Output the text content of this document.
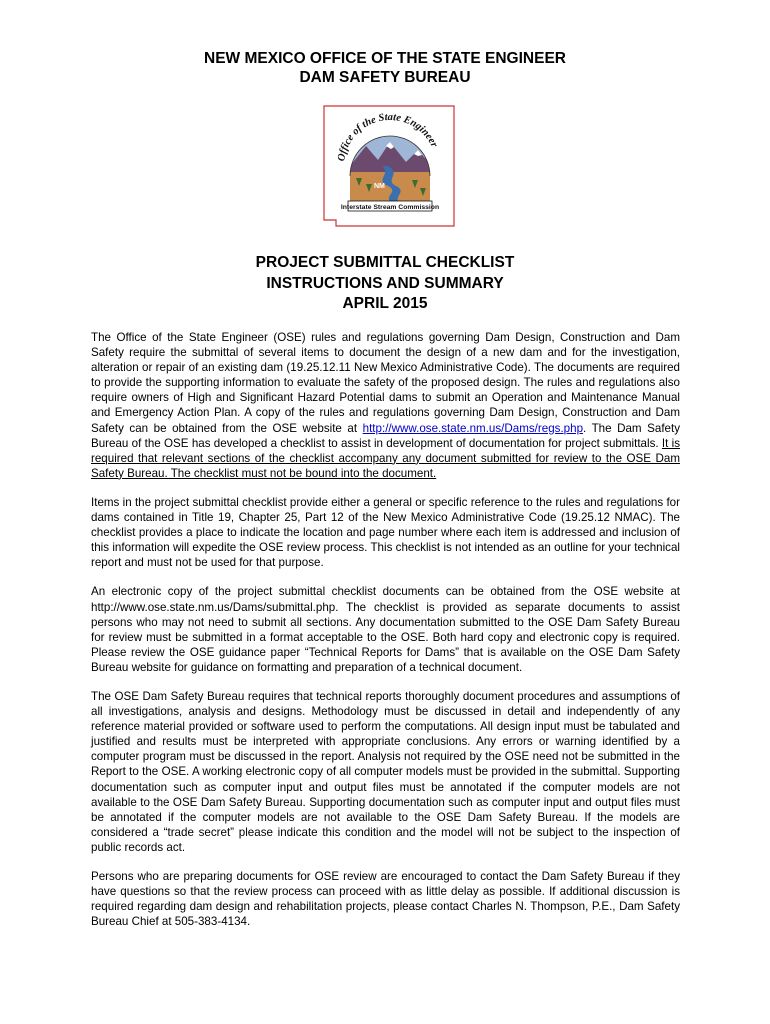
NEW MEXICO OFFICE OF THE STATE ENGINEER
DAM SAFETY BUREAU
Office of the State Engineer
NM
Interstate Stream Commission
PROJECT SUBMITTAL CHECKLIST
INSTRUCTIONS AND SUMMARY
APRIL 2015

The Office of the State Engineer (OSE) rules and regulations governing Dam Design, Construction and Dam Safety require the submittal of several items to document the design of a new dam and for the investigation, alteration or repair of an existing dam (19.25.12.11 New Mexico Administrative Code). The documents are required to provide the supporting information to evaluate the safety of the proposed design. The rules and regulations also require owners of High and Significant Hazard Potential dams to submit an Operation and Maintenance Manual and Emergency Action Plan. A copy of the rules and regulations governing Dam Design, Construction and Dam Safety can be obtained from the OSE website at http://www.ose.state.nm.us/Dams/regs.php. The Dam Safety Bureau of the OSE has developed a checklist to assist in development of documentation for project submittals. It is required that relevant sections of the checklist accompany any document submitted for review to the OSE Dam Safety Bureau. The checklist must not be bound into the document.

Items in the project submittal checklist provide either a general or specific reference to the rules and regulations for dams contained in Title 19, Chapter 25, Part 12 of the New Mexico Administrative Code (19.25.12 NMAC). The checklist provides a place to indicate the location and page number where each item is addressed and inclusion of this information will expedite the OSE review process. This checklist is not intended as an outline for your technical report and must not be used for that purpose.

An electronic copy of the project submittal checklist documents can be obtained from the OSE website at http://www.ose.state.nm.us/Dams/submittal.php. The checklist is provided as separate documents to assist persons who may not need to submit all sections. Any documentation submitted to the OSE Dam Safety Bureau for review must be submitted in a format acceptable to the OSE. Both hard copy and electronic copy is required. Please review the OSE guidance paper “Technical Reports for Dams” that is available on the OSE Dam Safety Bureau website for guidance on formatting and preparation of a technical document.

The OSE Dam Safety Bureau requires that technical reports thoroughly document procedures and assumptions of all investigations, analysis and designs. Methodology must be discussed in detail and independently of any reference material provided or software used to perform the computations. All design input must be tabulated and justified and results must be interpreted with appropriate conclusions. Any errors or warning identified by a computer program must be discussed in the report. Analysis not required by the OSE need not be submitted in the Report to the OSE. A working electronic copy of all computer models must be provided in the submittal. Supporting documentation such as computer input and output files must be annotated if the computer models are not available to the OSE Dam Safety Bureau. Supporting documentation such as computer input and output files must be annotated if the computer models are not available to the OSE Dam Safety Bureau. If the models are considered a “trade secret” please indicate this condition and the model will not be subject to the inspection of public records act.

Persons who are preparing documents for OSE review are encouraged to contact the Dam Safety Bureau if they have questions so that the review process can proceed with as little delay as possible. If additional discussion is required regarding dam design and rehabilitation projects, please contact Charles N. Thompson, P.E., Dam Safety Bureau Chief at 505-383-4134.
